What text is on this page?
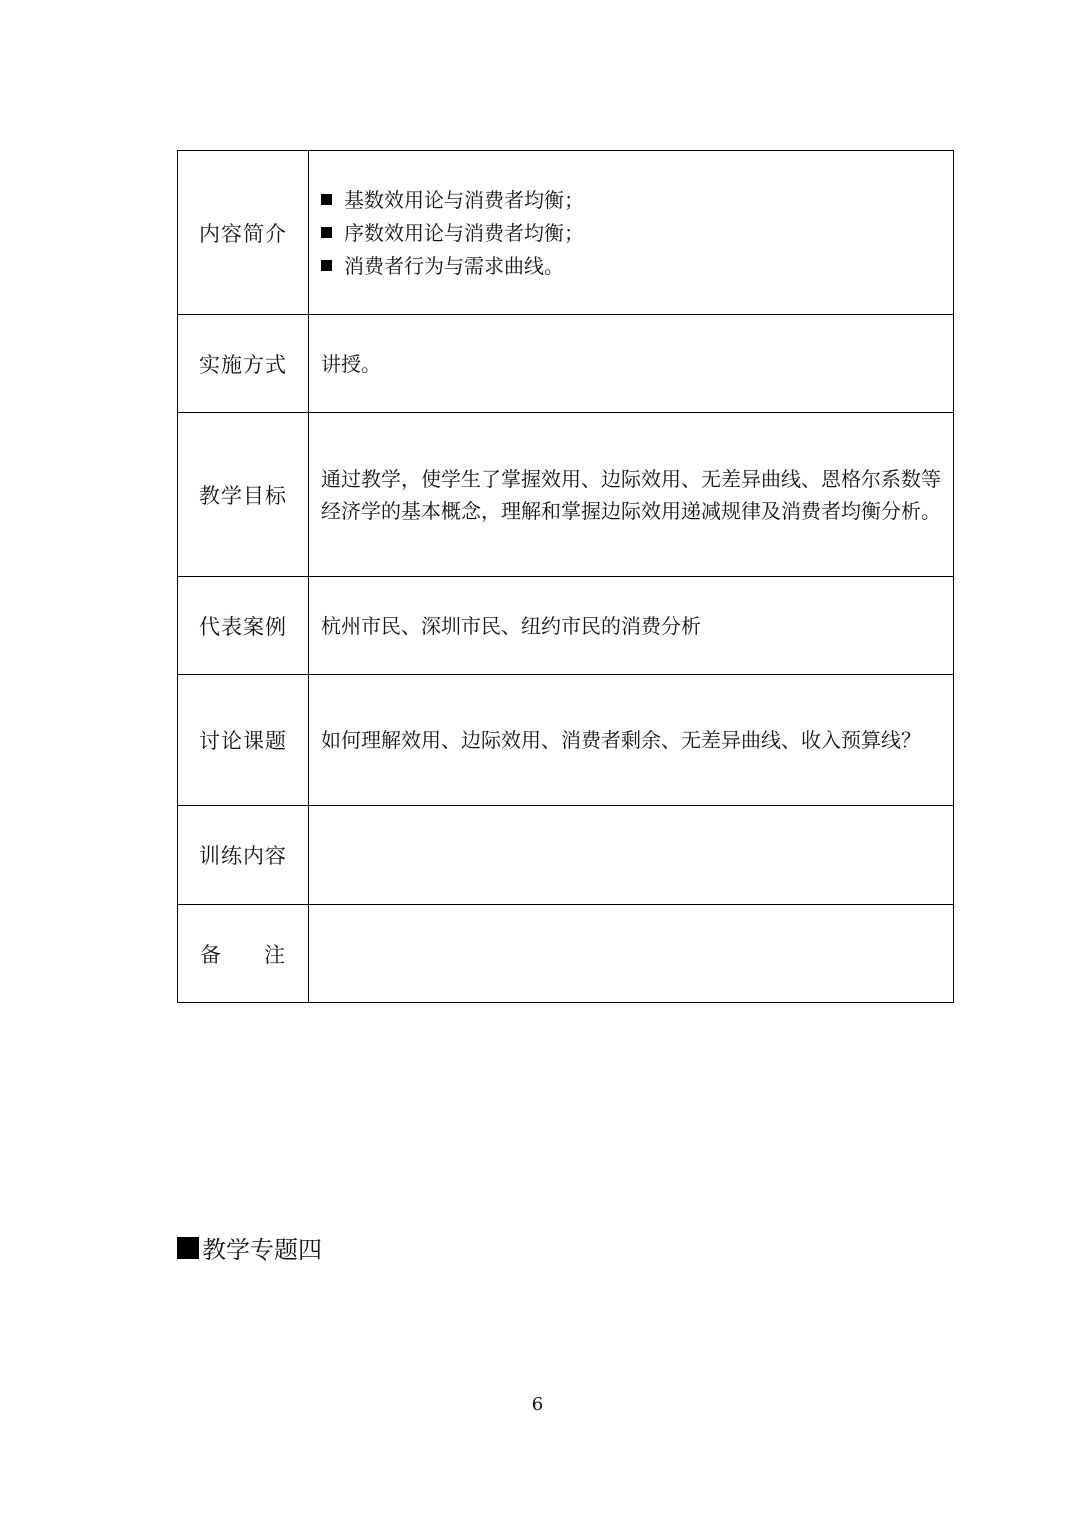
内容简介	基数效用论与消费者均衡；
序数效用论与消费者均衡；
消费者行为与需求曲线。

实施方式	讲授。
教学目标	通过教学，使学生了掌握效用、边际效用、无差异曲线、恩格尔系数等经济学的基本概念，理解和掌握边际效用递减规律及消费者均衡分析。
代表案例	杭州市民、深圳市民、纽约市民的消费分析
讨论课题	如何理解效用、边际效用、消费者剩余、无差异曲线、收入预算线？
训练内容	

备 注	

教学专题四
6
